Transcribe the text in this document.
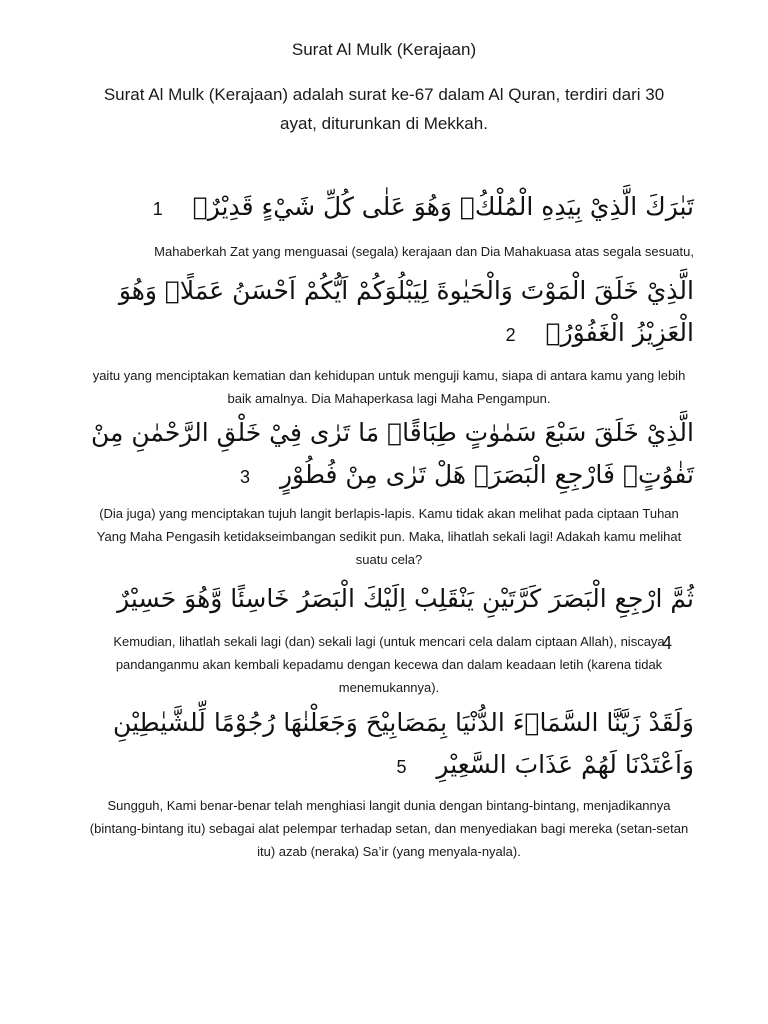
Surat Al Mulk (Kerajaan)
Surat Al Mulk (Kerajaan) adalah surat ke-67 dalam Al Quran, terdiri dari 30 ayat, diturunkan di Mekkah.
تَبٰرَكَ الَّذِيْ بِيَدِهِ الْمُلْكُۖ وَهُوَ عَلٰى كُلِّ شَيْءٍ قَدِيْرٌۙ 1
Mahaberkah Zat yang menguasai (segala) kerajaan dan Dia Mahakuasa atas segala sesuatu,
الَّذِيْ خَلَقَ الْمَوْتَ وَالْحَيٰوةَ لِيَبْلُوَكُمْ اَيُّكُمْ اَحْسَنُ عَمَلًاۗ وَهُوَ الْعَزِيْزُ الْغَفُوْرُۙ 2
yaitu yang menciptakan kematian dan kehidupan untuk menguji kamu, siapa di antara kamu yang lebih baik amalnya. Dia Mahaperkasa lagi Maha Pengampun.
الَّذِيْ خَلَقَ سَبْعَ سَمٰوٰتٍ طِبَاقًاۗ مَا تَرٰى فِيْ خَلْقِ الرَّحْمٰنِ مِنْ تَفٰوُتٍۗ فَارْجِعِ الْبَصَرَۙ هَلْ تَرٰى مِنْ فُطُوْرٍ 3
(Dia juga) yang menciptakan tujuh langit berlapis-lapis. Kamu tidak akan melihat pada ciptaan Tuhan Yang Maha Pengasih ketidakseimbangan sedikit pun. Maka, lihatlah sekali lagi! Adakah kamu melihat suatu cela?
ثُمَّ ارْجِعِ الْبَصَرَ كَرَّتَيْنِ يَنْقَلِبْ اِلَيْكَ الْبَصَرُ خَاسِئًا وَّهُوَ حَسِيْرٌ 4
Kemudian, lihatlah sekali lagi (dan) sekali lagi (untuk mencari cela dalam ciptaan Allah), niscaya pandanganmu akan kembali kepadamu dengan kecewa dan dalam keadaan letih (karena tidak menemukannya).
وَلَقَدْ زَيَّنَّا السَّمَاۤءَ الدُّنْيَا بِمَصَابِيْحَ وَجَعَلْنٰهَا رُجُوْمًا لِّلشَّيٰطِيْنِ وَاَعْتَدْنَا لَهُمْ عَذَابَ السَّعِيْرِ 5
Sungguh, Kami benar-benar telah menghiasi langit dunia dengan bintang-bintang, menjadikannya (bintang-bintang itu) sebagai alat pelempar terhadap setan, dan menyediakan bagi mereka (setan-setan itu) azab (neraka) Sa’ir (yang menyala-nyala).
